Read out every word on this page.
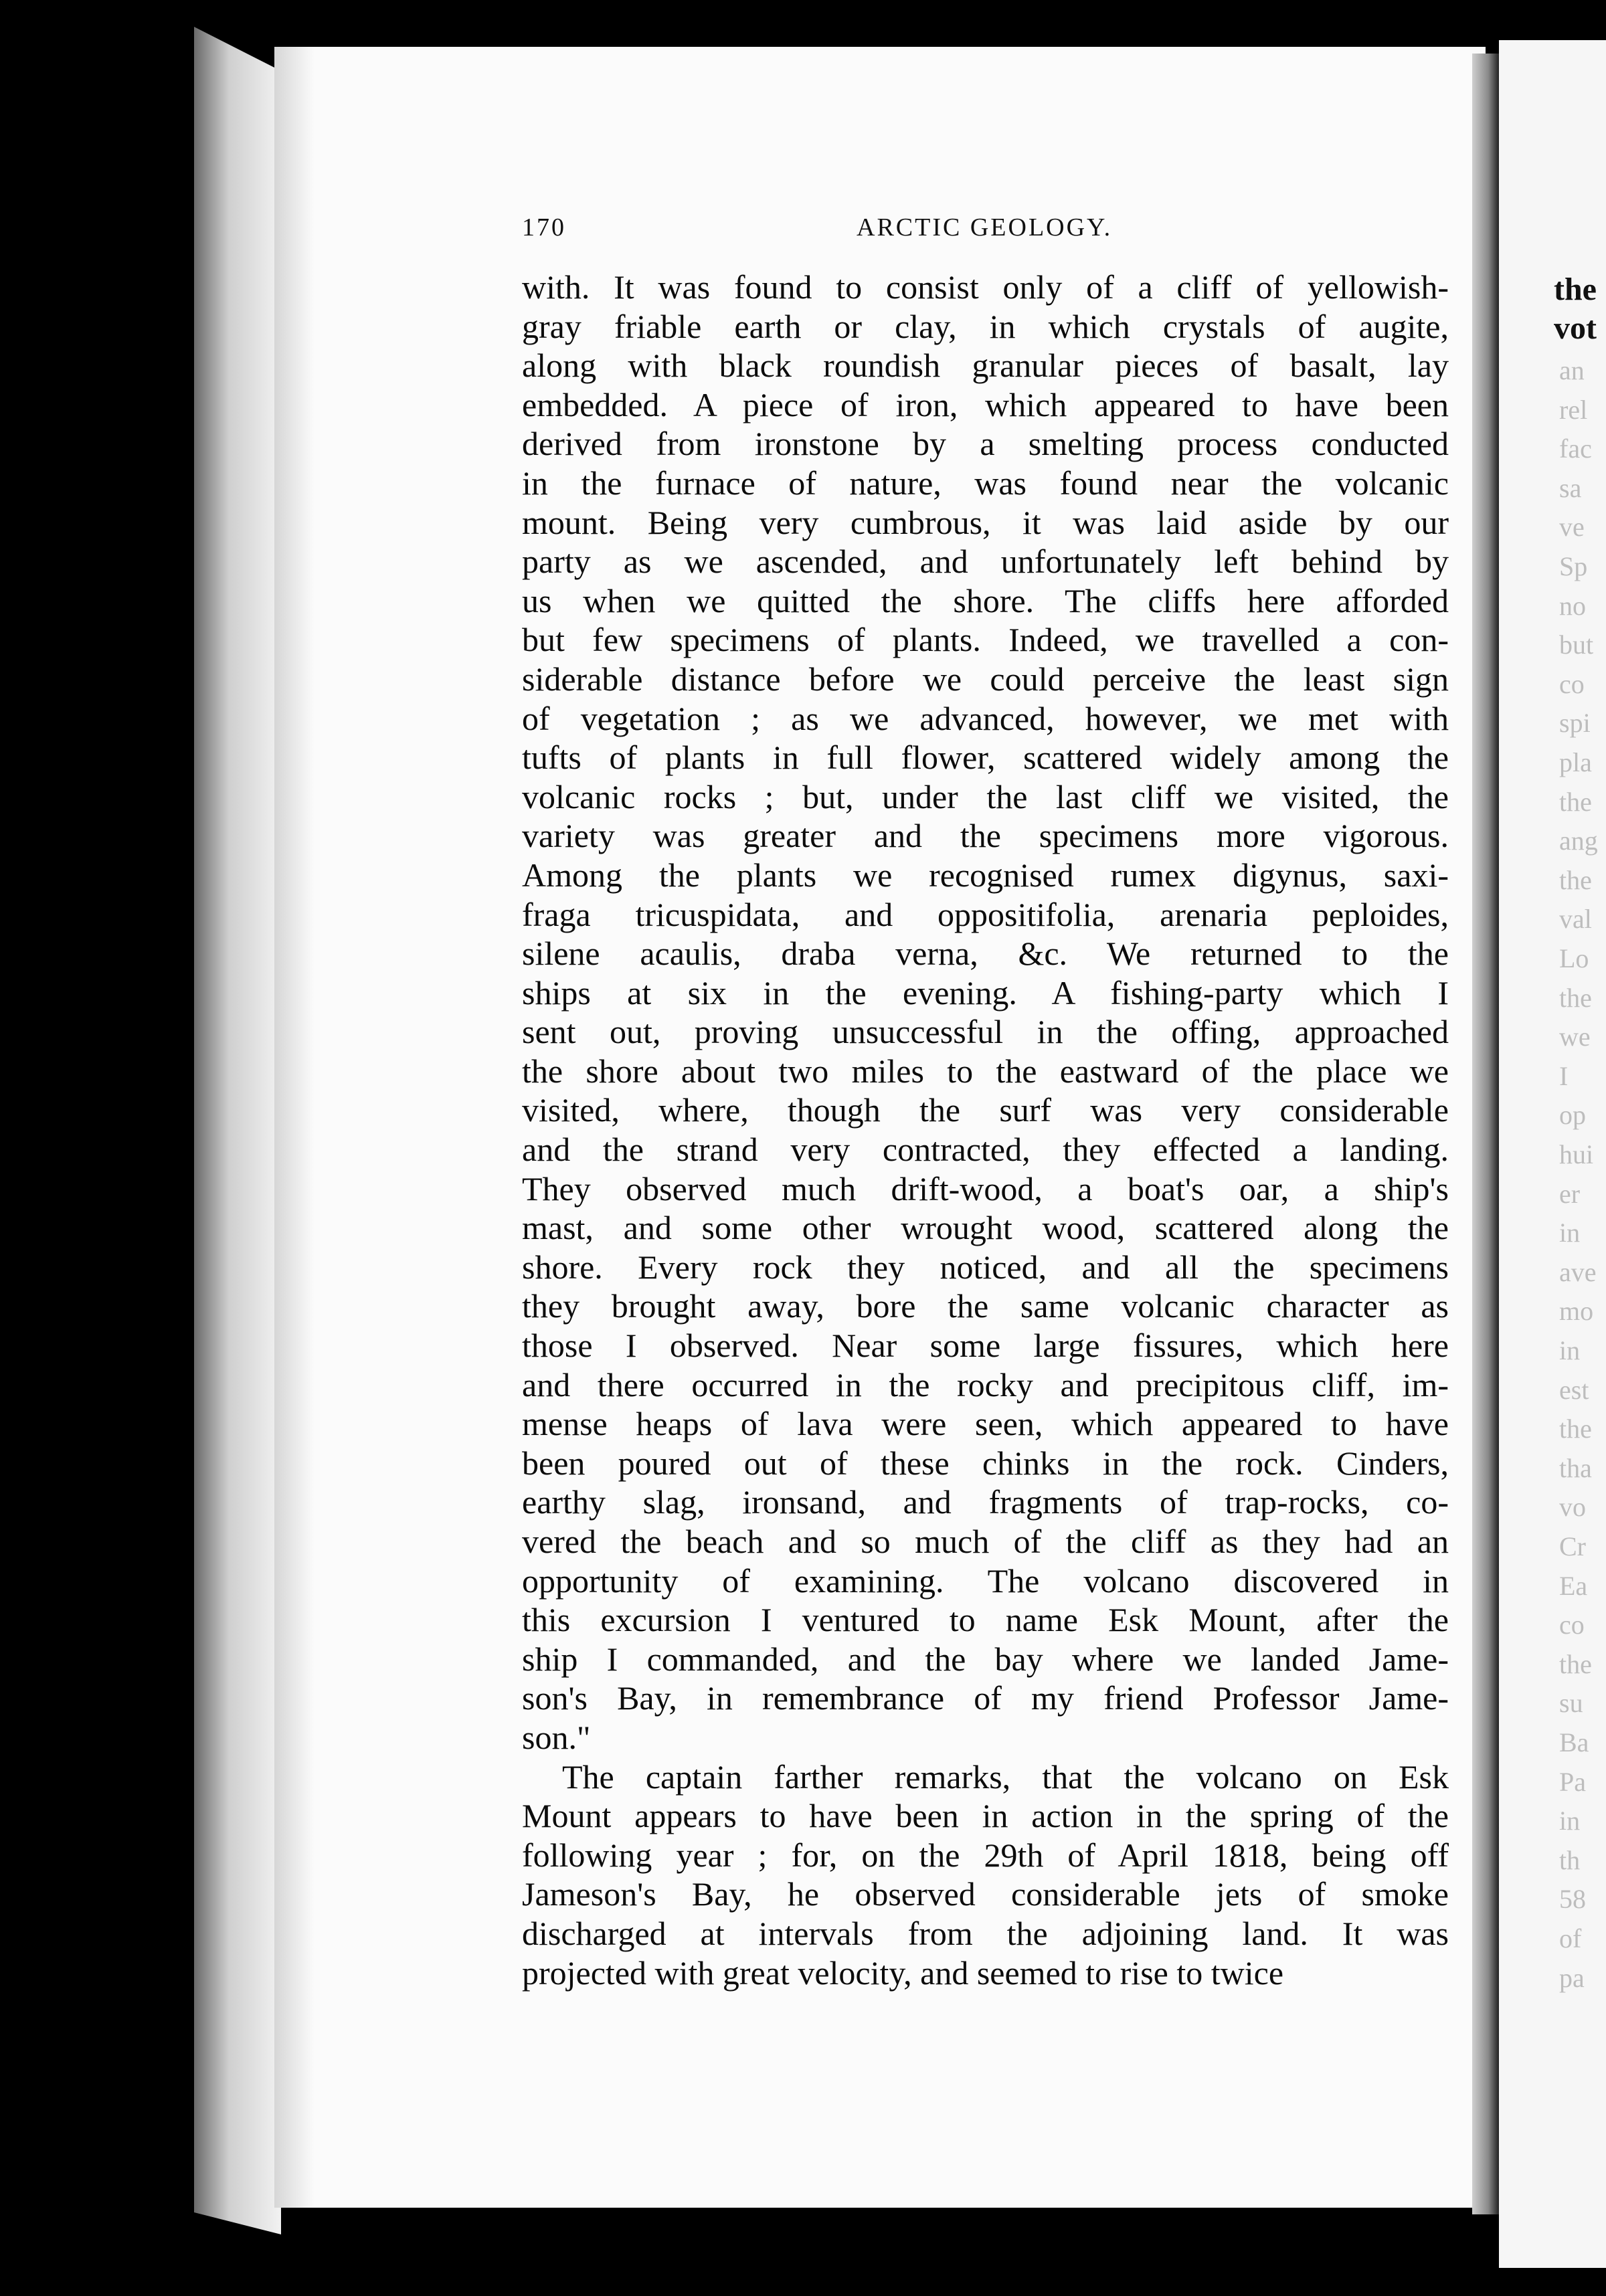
the
vot
an
rel
fac
sa
ve
Sp
no
but
co
spi
pla
the
ang
the
val
Lo
the
we
I
op
hui
er
in
ave
mo
in
est
the
tha
vo
Cr
Ea
co
the
su
Ba
Pa
in
th
58
of
pa
170	ARCTIC GEOLOGY.
with. It was found to consist only of a cliff of yellowish-
gray friable earth or clay, in which crystals of augite,
along with black roundish granular pieces of basalt, lay
embedded. A piece of iron, which appeared to have been
derived from ironstone by a smelting process conducted
in the furnace of nature, was found near the volcanic
mount. Being very cumbrous, it was laid aside by our
party as we ascended, and unfortunately left behind by
us when we quitted the shore. The cliffs here afforded
but few specimens of plants. Indeed, we travelled a con-
siderable distance before we could perceive the least sign
of vegetation ; as we advanced, however, we met with
tufts of plants in full flower, scattered widely among the
volcanic rocks ; but, under the last cliff we visited, the
variety was greater and the specimens more vigorous.
Among the plants we recognised rumex digynus, saxi-
fraga tricuspidata, and oppositifolia, arenaria peploides,
silene acaulis, draba verna, &c. We returned to the
ships at six in the evening. A fishing-party which I
sent out, proving unsuccessful in the offing, approached
the shore about two miles to the eastward of the place we
visited, where, though the surf was very considerable
and the strand very contracted, they effected a landing.
They observed much drift-wood, a boat's oar, a ship's
mast, and some other wrought wood, scattered along the
shore. Every rock they noticed, and all the specimens
they brought away, bore the same volcanic character as
those I observed. Near some large fissures, which here
and there occurred in the rocky and precipitous cliff, im-
mense heaps of lava were seen, which appeared to have
been poured out of these chinks in the rock. Cinders,
earthy slag, ironsand, and fragments of trap-rocks, co-
vered the beach and so much of the cliff as they had an
opportunity of examining. The volcano discovered in
this excursion I ventured to name Esk Mount, after the
ship I commanded, and the bay where we landed Jame-
son's Bay, in remembrance of my friend Professor Jame-
son."
The captain farther remarks, that the volcano on Esk
Mount appears to have been in action in the spring of the
following year ; for, on the 29th of April 1818, being off
Jameson's Bay, he observed considerable jets of smoke
discharged at intervals from the adjoining land. It was
projected with great velocity, and seemed to rise to twice
